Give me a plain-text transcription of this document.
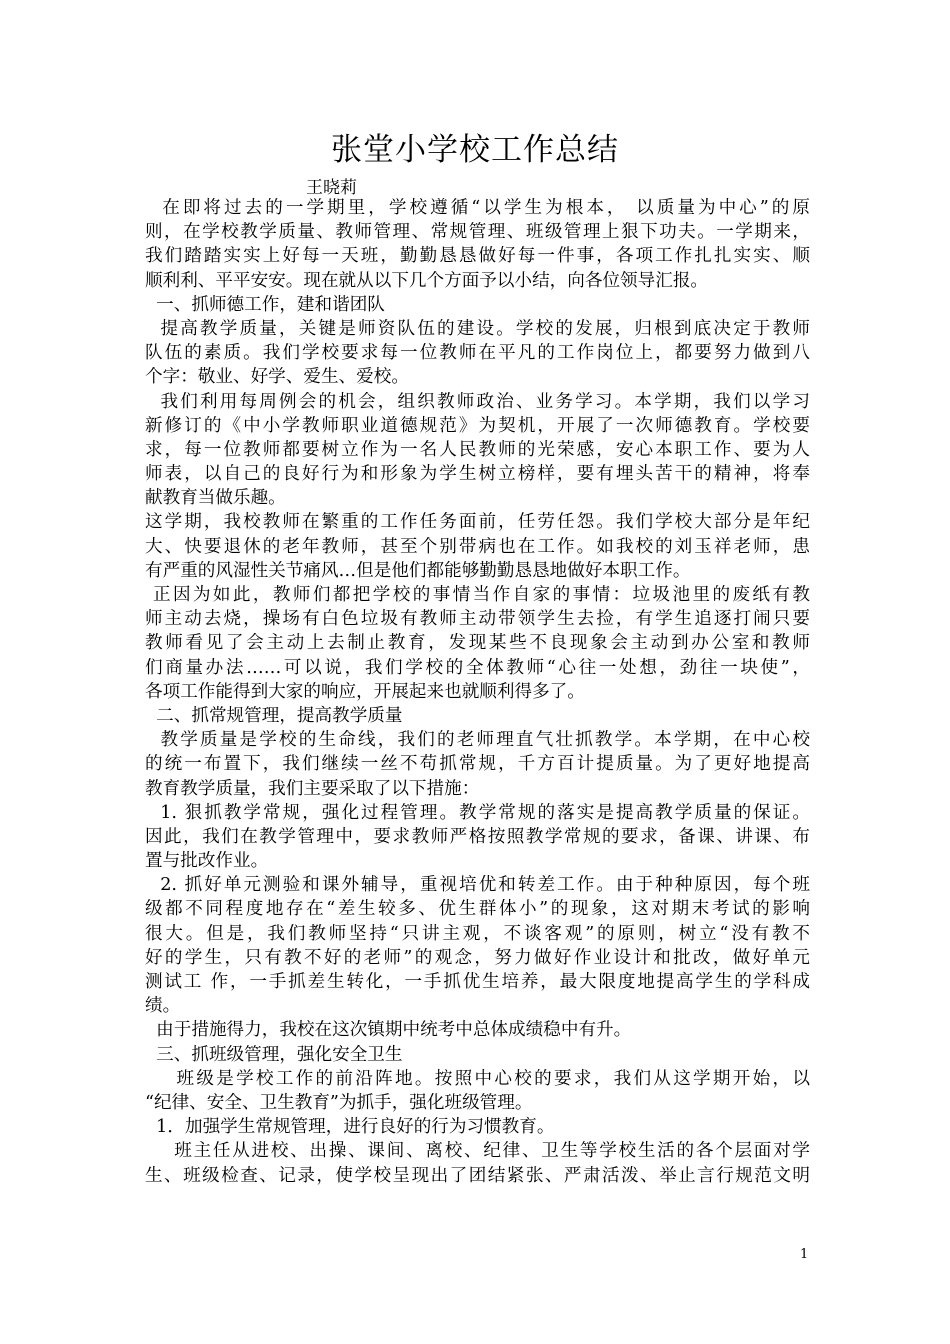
张堂小学校工作总结
王晓莉
在即将过去的一学期里，学校遵循“以学生为根本， 以质量为中心”的原
则，在学校教学质量、教师管理、常规管理、班级管理上狠下功夫。一学期来，
我们踏踏实实上好每一天班，勤勤恳恳做好每一件事，各项工作扎扎实实、顺
顺利利、平平安安。现在就从以下几个方面予以小结，向各位领导汇报。
一、抓师德工作，建和谐团队
提高教学质量，关键是师资队伍的建设。学校的发展，归根到底决定于教师
队伍的素质。我们学校要求每一位教师在平凡的工作岗位上，都要努力做到八
个字：敬业、好学、爱生、爱校。
我们利用每周例会的机会，组织教师政治、业务学习。本学期，我们以学习
新修订的《中小学教师职业道德规范》为契机，开展了一次师德教育。学校要
求，每一位教师都要树立作为一名人民教师的光荣感，安心本职工作、要为人
师表，以自己的良好行为和形象为学生树立榜样，要有埋头苦干的精神，将奉
献教育当做乐趣。
这学期，我校教师在繁重的工作任务面前，任劳任怨。我们学校大部分是年纪
大、快要退休的老年教师，甚至个别带病也在工作。如我校的刘玉祥老师，患
有严重的风湿性关节痛风…但是他们都能够勤勤恳恳地做好本职工作。
正因为如此，教师们都把学校的事情当作自家的事情：垃圾池里的废纸有教
师主动去烧，操场有白色垃圾有教师主动带领学生去捡，有学生追逐打闹只要
教师看见了会主动上去制止教育，发现某些不良现象会主动到办公室和教师
们商量办法……可以说，我们学校的全体教师“心往一处想，劲往一块使”，
各项工作能得到大家的响应，开展起来也就顺利得多了。
二、抓常规管理，提高教学质量
教学质量是学校的生命线，我们的老师理直气壮抓教学。本学期，在中心校
的统一布置下，我们继续一丝不苟抓常规，千方百计提质量。为了更好地提高
教育教学质量，我们主要采取了以下措施：
1. 狠抓教学常规，强化过程管理。教学常规的落实是提高教学质量的保证。
因此，我们在教学管理中，要求教师严格按照教学常规的要求，备课、讲课、布
置与批改作业。
2. 抓好单元测验和课外辅导，重视培优和转差工作。由于种种原因，每个班
级都不同程度地存在“差生较多、优生群体小”的现象，这对期末考试的影响
很大。但是，我们教师坚持“只讲主观，不谈客观”的原则，树立“没有教不
好的学生，只有教不好的老师”的观念，努力做好作业设计和批改，做好单元
测试工 作，一手抓差生转化，一手抓优生培养，最大限度地提高学生的学科成
绩。
由于措施得力，我校在这次镇期中统考中总体成绩稳中有升。
三、抓班级管理，强化安全卫生
班级是学校工作的前沿阵地。按照中心校的要求，我们从这学期开始，以
“纪律、安全、卫生教育”为抓手，强化班级管理。
1．加强学生常规管理，进行良好的行为习惯教育。
班主任从进校、出操、课间、离校、纪律、卫生等学校生活的各个层面对学
生、班级检查、记录，使学校呈现出了团结紧张、严肃活泼、举止言行规范文明
1
